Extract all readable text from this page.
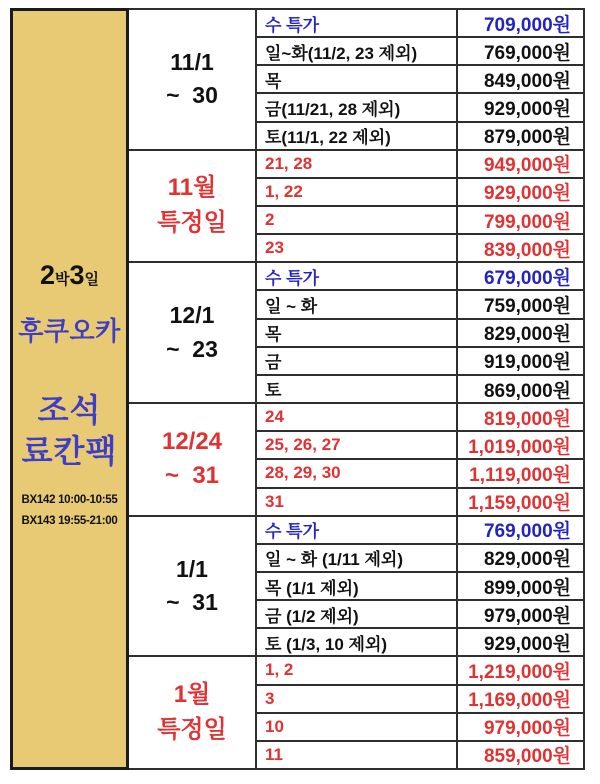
2박3일
후쿠오카
조석
료칸팩
BX142 10:00-10:55
BX143 19:55-21:00
11/1
~  30
수 특가	709,000원
일~화(11/2, 23 제외)	769,000원
목	849,000원
금(11/21, 28 제외)	929,000원
토(11/1, 22 제외)	879,000원
11월
특정일
21, 28	949,000원
1, 22	929,000원
2	799,000원
23	839,000원
12/1
~  23
수 특가	679,000원
일 ~ 화	759,000원
목	829,000원
금	919,000원
토	869,000원
12/24
~  31
24	819,000원
25, 26, 27	1,019,000원
28, 29, 30	1,119,000원
31	1,159,000원
1/1
~  31
수 특가	769,000원
일 ~ 화 (1/11 제외)	829,000원
목 (1/1 제외)	899,000원
금 (1/2 제외)	979,000원
토 (1/3, 10 제외)	929,000원
1월
특정일
1, 2	1,219,000원
3	1,169,000원
10	979,000원
11	859,000원
